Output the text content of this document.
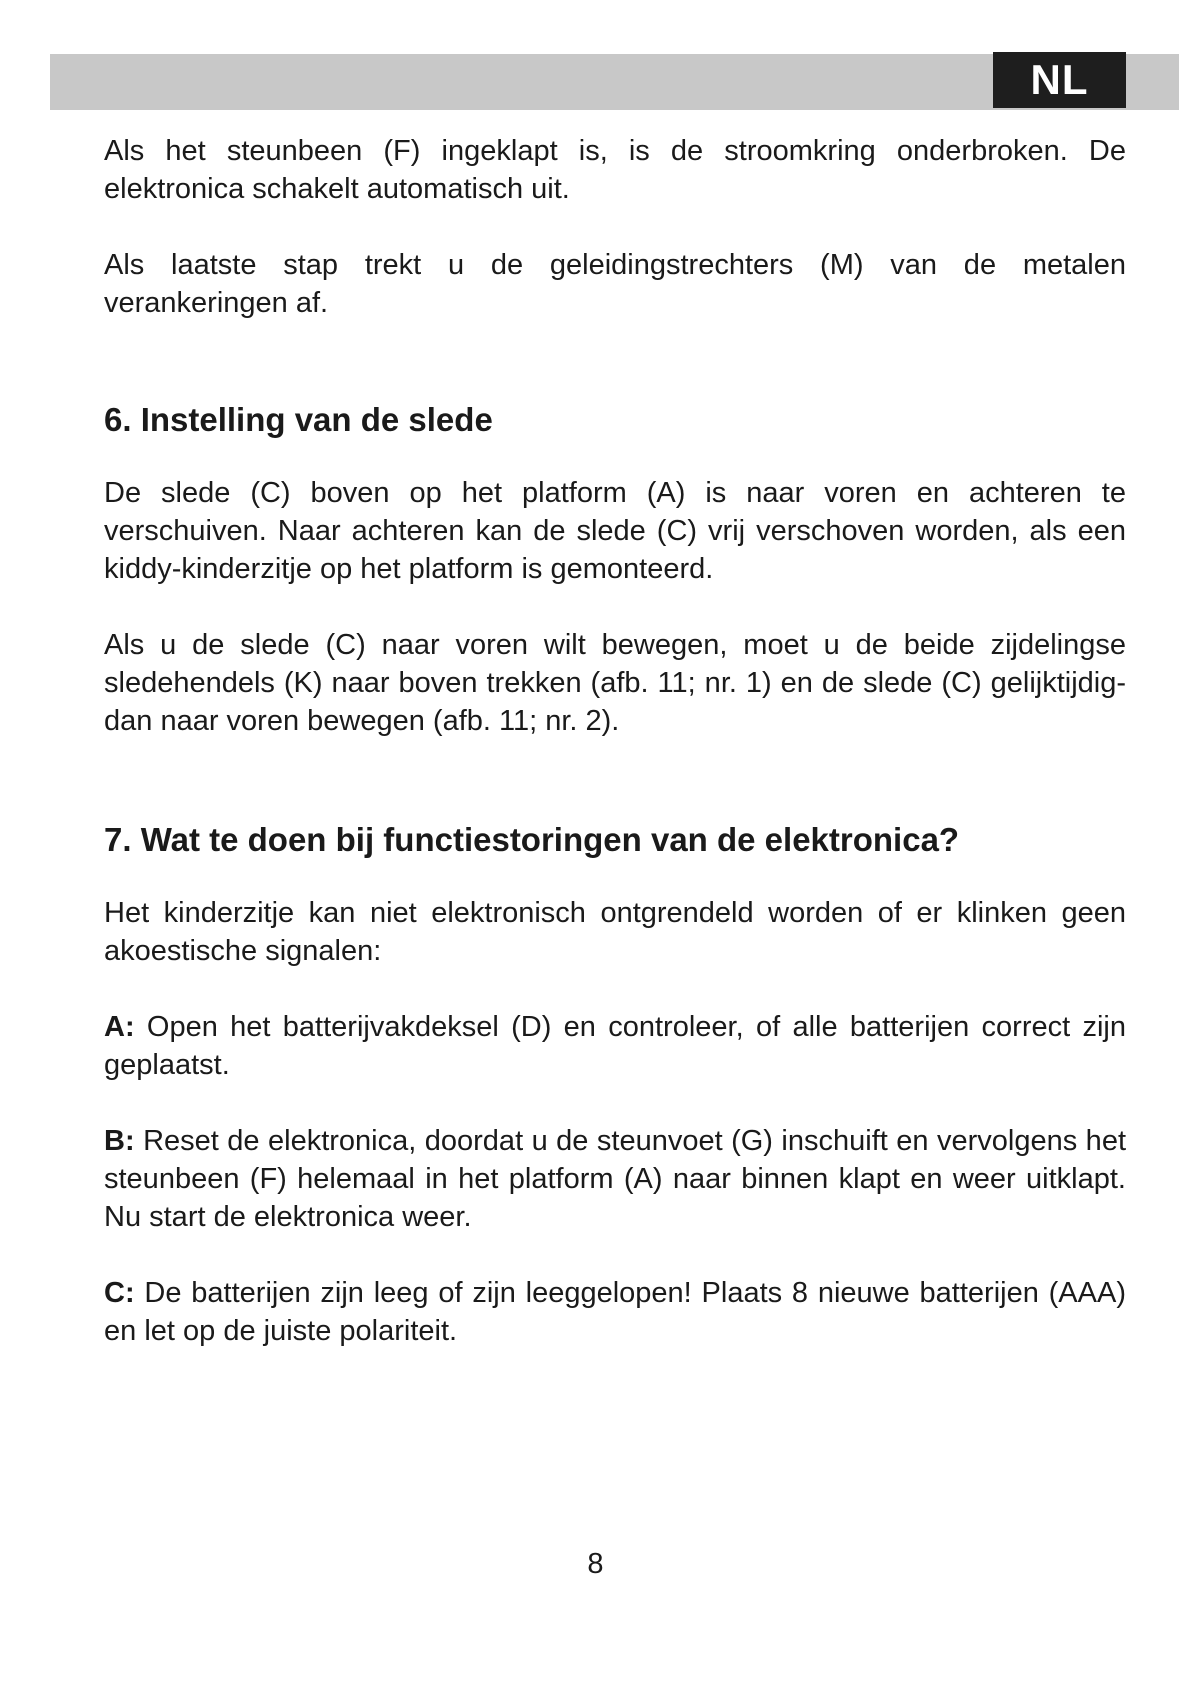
NL

Als het steunbeen (F) ingeklapt is, is de stroomkring onderbroken. De elektronica schakelt automatisch uit.

Als laatste stap trekt u de geleidingstrechters (M) van de metalen verankeringen af.

6. Instelling van de slede

De slede (C) boven op het platform (A) is naar voren en achteren te verschuiven. Naar achteren kan de slede (C) vrij verschoven worden, als een kiddy-kinderzitje op het platform is gemonteerd.

Als u de slede (C) naar voren wilt bewegen, moet u de beide zijdelingse sledehendels (K) naar boven trekken (afb. 11; nr. 1) en de slede (C) gelijktijdig-dan naar voren bewegen (afb. 11; nr. 2).

7. Wat te doen bij functiestoringen van de elektronica?

Het kinderzitje kan niet elektronisch ontgrendeld worden of er klinken geen akoestische signalen:

A: Open het batterijvakdeksel (D) en controleer, of alle batterijen correct zijn geplaatst.

B: Reset de elektronica, doordat u de steunvoet (G) inschuift en vervolgens het steunbeen (F) helemaal in het platform (A) naar binnen klapt en weer uitklapt. Nu start de elektronica weer.

C: De batterijen zijn leeg of zijn leeggelopen! Plaats 8 nieuwe batterijen (AAA) en let op de juiste polariteit.

8
